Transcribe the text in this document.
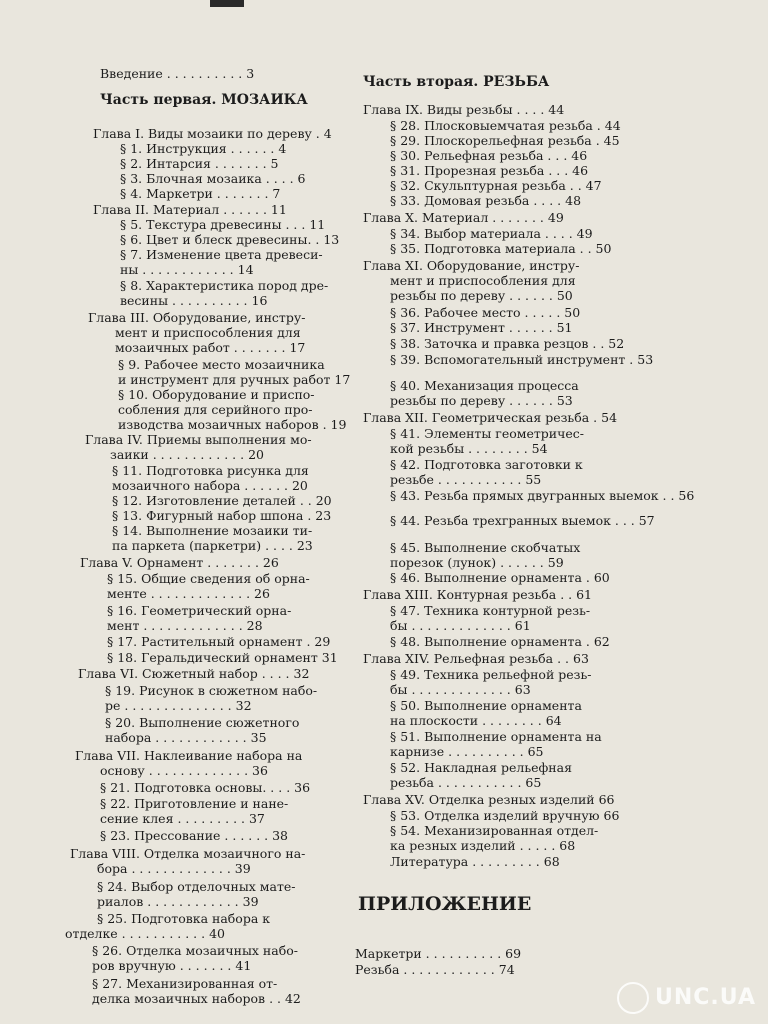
Введение . . . . . . . . . . 3
Часть первая. МОЗАИКА
Глава I. Виды мозаики по дереву . 4
§ 1. Инструкция . . . . . . 4
§ 2. Интарсия . . . . . . . 5
§ 3. Блочная мозаика . . . . 6
§ 4. Маркетри . . . . . . . 7
Глава II. Материал . . . . . . 11
§ 5. Текстура древесины . . . 11
§ 6. Цвет и блеск древесины. . 13
§ 7. Изменение цвета древеси-
ны . . . . . . . . . . . . 14
§ 8. Характеристика пород дре-
весины . . . . . . . . . . 16
Глава III. Оборудование, инстру-
мент и приспособления для
мозаичных работ . . . . . . . 17
§ 9. Рабочее место мозаичника
и инструмент для ручных работ 17
§ 10. Оборудование и приспо-
собления для серийного про-
изводства мозаичных наборов . 19
Глава IV. Приемы выполнения мо-
заики . . . . . . . . . . . . 20
§ 11. Подготовка рисунка для
мозаичного набора . . . . . . 20
§ 12. Изготовление деталей . . 20
§ 13. Фигурный набор шпона . 23
§ 14. Выполнение мозаики ти-
па паркета (паркетри) . . . . 23
Глава V. Орнамент . . . . . . . 26
§ 15. Общие сведения об орна-
менте . . . . . . . . . . . . . 26
§ 16. Геометрический орна-
мент . . . . . . . . . . . . . 28
§ 17. Растительный орнамент . 29
§ 18. Геральдический орнамент 31
Глава VI. Сюжетный набор . . . . 32
§ 19. Рисунок в сюжетном набо-
ре . . . . . . . . . . . . . . 32
§ 20. Выполнение сюжетного
набора . . . . . . . . . . . . 35
Глава VII. Наклеивание набора на
основу . . . . . . . . . . . . . 36
§ 21. Подготовка основы. . . . 36
§ 22. Приготовление и нане-
сение клея . . . . . . . . . 37
§ 23. Прессование . . . . . . 38
Глава VIII. Отделка мозаичного на-
бора . . . . . . . . . . . . . 39
§ 24. Выбор отделочных мате-
риалов . . . . . . . . . . . . 39
§ 25. Подготовка набора к
отделке . . . . . . . . . . . 40
§ 26. Отделка мозаичных набо-
ров вручную . . . . . . . 41
§ 27. Механизированная от-
делка мозаичных наборов . . 42
Часть вторая. РЕЗЬБА
Глава IX. Виды резьбы . . . . 44
§ 28. Плосковыемчатая резьба . 44
§ 29. Плоскорельефная резьба . 45
§ 30. Рельефная резьба . . . 46
§ 31. Прорезная резьба . . . 46
§ 32. Скульптурная резьба . . 47
§ 33. Домовая резьба . . . . 48
Глава X. Материал . . . . . . . 49
§ 34. Выбор материала . . . . 49
§ 35. Подготовка материала . . 50
Глава XI. Оборудование, инстру-
мент и приспособления для
резьбы по дереву . . . . . . 50
§ 36. Рабочее место . . . . . 50
§ 37. Инструмент . . . . . . 51
§ 38. Заточка и правка резцов . . 52
§ 39. Вспомогательный инструмент . 53
§ 40. Механизация процесса
резьбы по дереву . . . . . . 53
Глава XII. Геометрическая резьба . 54
§ 41. Элементы геометричес-
кой резьбы . . . . . . . . 54
§ 42. Подготовка заготовки к
резьбе . . . . . . . . . . . 55
§ 43. Резьба прямых двугранных выемок . . 56
§ 44. Резьба трехгранных выемок . . . 57
§ 45. Выполнение скобчатых
порезок (лунок) . . . . . . 59
§ 46. Выполнение орнамента . 60
Глава XIII. Контурная резьба . . 61
§ 47. Техника контурной резь-
бы . . . . . . . . . . . . . 61
§ 48. Выполнение орнамента . 62
Глава XIV. Рельефная резьба . . 63
§ 49. Техника рельефной резь-
бы . . . . . . . . . . . . . 63
§ 50. Выполнение орнамента
на плоскости . . . . . . . . 64
§ 51. Выполнение орнамента на
карнизе . . . . . . . . . . 65
§ 52. Накладная рельефная
резьба . . . . . . . . . . . 65
Глава XV. Отделка резных изделий 66
§ 53. Отделка изделий вручную 66
§ 54. Механизированная отдел-
ка резных изделий . . . . . 68
Литература . . . . . . . . . 68
ПРИЛОЖЕНИЕ
Маркетри . . . . . . . . . . 69
Резьба . . . . . . . . . . . . 74
UNC.UA
